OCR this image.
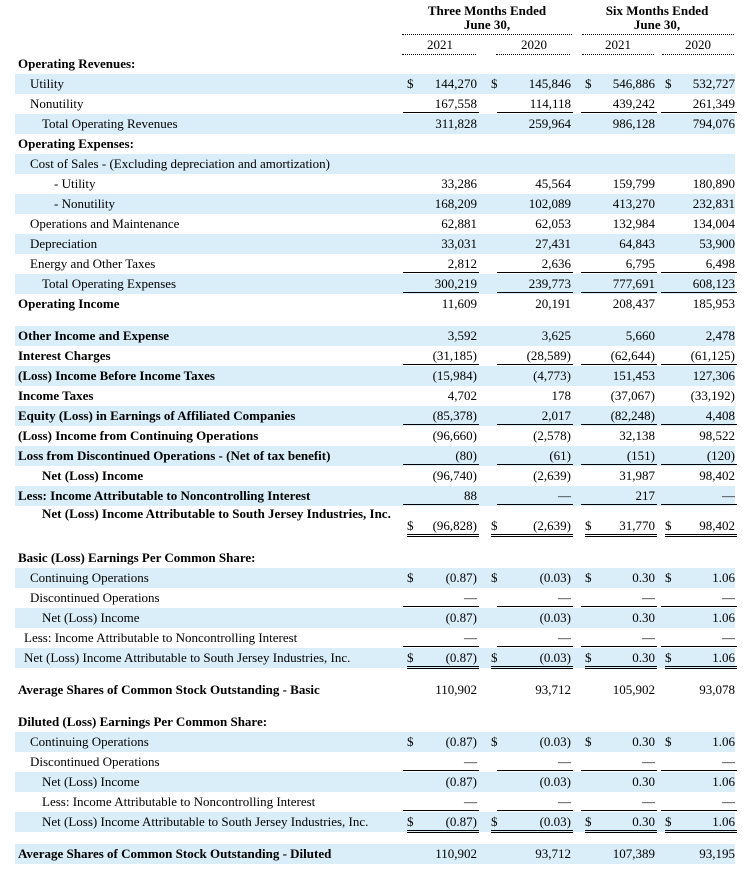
Three Months Ended
June 30,
Six Months Ended
June 30,
2021	2020	2021	2020
Operating Revenues:
Utility	$	144,270 $	145,846 $	546,886 $	532,727
Nonutility	167,558	114,118	439,242	261,349
Total Operating Revenues	311,828	259,964	986,128	794,076
Operating Expenses:
Cost of Sales - (Excluding depreciation and amortization)
- Utility	33,286	45,564	159,799	180,890
- Nonutility	168,209	102,089	413,270	232,831
Operations and Maintenance	62,881	62,053	132,984	134,004
Depreciation	33,031	27,431	64,843	53,900
Energy and Other Taxes	2,812	2,636	6,795	6,498
Total Operating Expenses	300,219	239,773	777,691	608,123
Operating Income	11,609	20,191	208,437	185,953
Other Income and Expense	3,592	3,625	5,660	2,478
Interest Charges	(31,185)	(28,589)	(62,644)	(61,125)
(Loss) Income Before Income Taxes	(15,984)	(4,773)	151,453	127,306
Income Taxes	4,702	178	(37,067)	(33,192)
Equity (Loss) in Earnings of Affiliated Companies	(85,378)	2,017	(82,248)	4,408
(Loss) Income from Continuing Operations	(96,660)	(2,578)	32,138	98,522
Loss from Discontinued Operations - (Net of tax benefit)	(80)	(61)	(151)	(120)
Net (Loss) Income	(96,740)	(2,639)	31,987	98,402
Less: Income Attributable to Noncontrolling Interest	88	—	217	—
Net (Loss) Income Attributable to South Jersey Industries, Inc.
$	(96,828) $	(2,639) $	31,770 $	98,402
Basic (Loss) Earnings Per Common Share:
Continuing Operations	$	(0.87) $	(0.03) $	0.30 $	1.06
Discontinued Operations	—	—	—	—
Net (Loss) Income	(0.87)	(0.03)	0.30	1.06
Less: Income Attributable to Noncontrolling Interest	—	—	—	—
Net (Loss) Income Attributable to South Jersey Industries, Inc.	$	(0.87) $	(0.03) $	0.30 $	1.06
Average Shares of Common Stock Outstanding - Basic	110,902	93,712	105,902	93,078
Diluted (Loss) Earnings Per Common Share:
Continuing Operations	$	(0.87) $	(0.03) $	0.30 $	1.06
Discontinued Operations	—	—	—	—
Net (Loss) Income	(0.87)	(0.03)	0.30	1.06
Less: Income Attributable to Noncontrolling Interest	—	—	—	—
Net (Loss) Income Attributable to South Jersey Industries, Inc.	$	(0.87) $	(0.03) $	0.30 $	1.06
Average Shares of Common Stock Outstanding - Diluted	110,902	93,712	107,389	93,195
